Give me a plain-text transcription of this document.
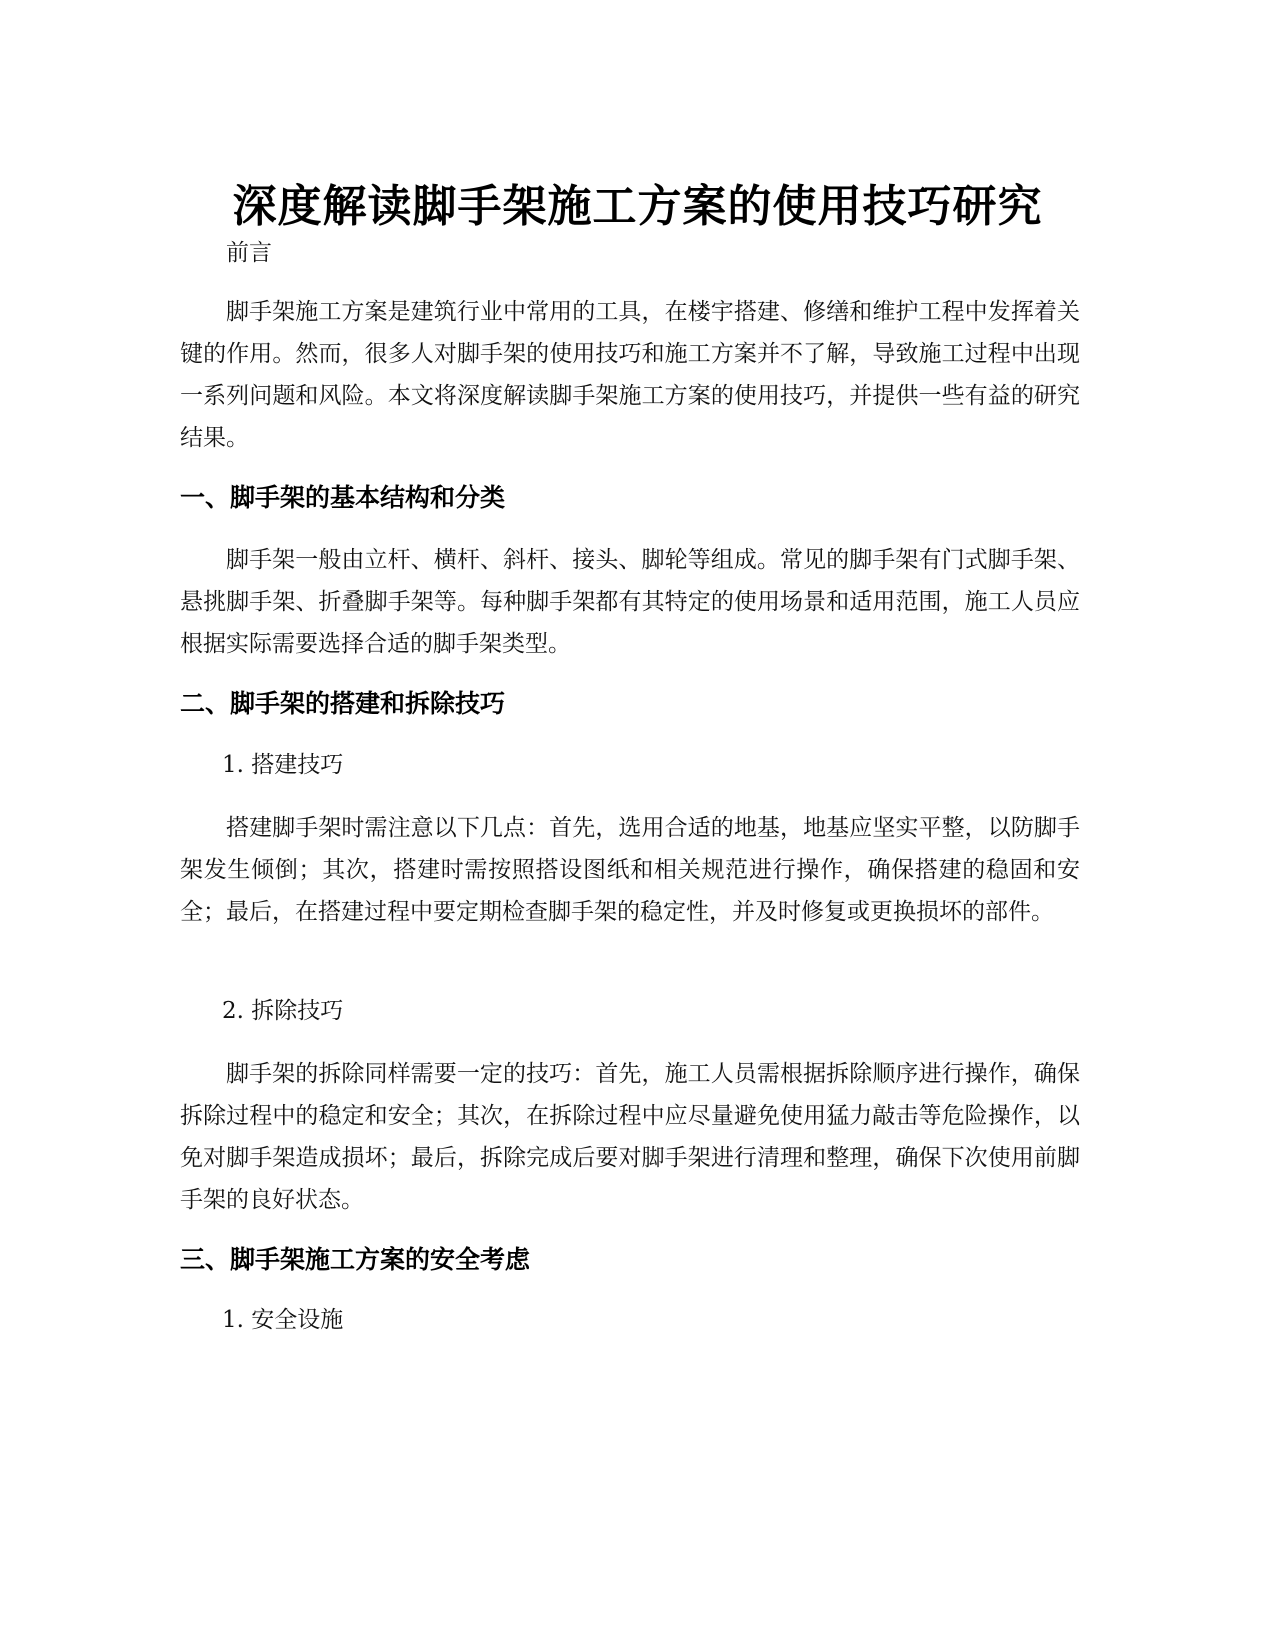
深度解读脚手架施工方案的使用技巧研究

前言

脚手架施工方案是建筑行业中常用的工具，在楼宇搭建、修缮和维护工程中发挥着关键的作用。然而，很多人对脚手架的使用技巧和施工方案并不了解，导致施工过程中出现一系列问题和风险。本文将深度解读脚手架施工方案的使用技巧，并提供一些有益的研究结果。

一、脚手架的基本结构和分类

脚手架一般由立杆、横杆、斜杆、接头、脚轮等组成。常见的脚手架有门式脚手架、悬挑脚手架、折叠脚手架等。每种脚手架都有其特定的使用场景和适用范围，施工人员应根据实际需要选择合适的脚手架类型。

二、脚手架的搭建和拆除技巧

1. 搭建技巧

搭建脚手架时需注意以下几点：首先，选用合适的地基，地基应坚实平整，以防脚手架发生倾倒；其次，搭建时需按照搭设图纸和相关规范进行操作，确保搭建的稳固和安全；最后，在搭建过程中要定期检查脚手架的稳定性，并及时修复或更换损坏的部件。

2. 拆除技巧

脚手架的拆除同样需要一定的技巧：首先，施工人员需根据拆除顺序进行操作，确保拆除过程中的稳定和安全；其次，在拆除过程中应尽量避免使用猛力敲击等危险操作，以免对脚手架造成损坏；最后，拆除完成后要对脚手架进行清理和整理，确保下次使用前脚手架的良好状态。

三、脚手架施工方案的安全考虑

1. 安全设施
